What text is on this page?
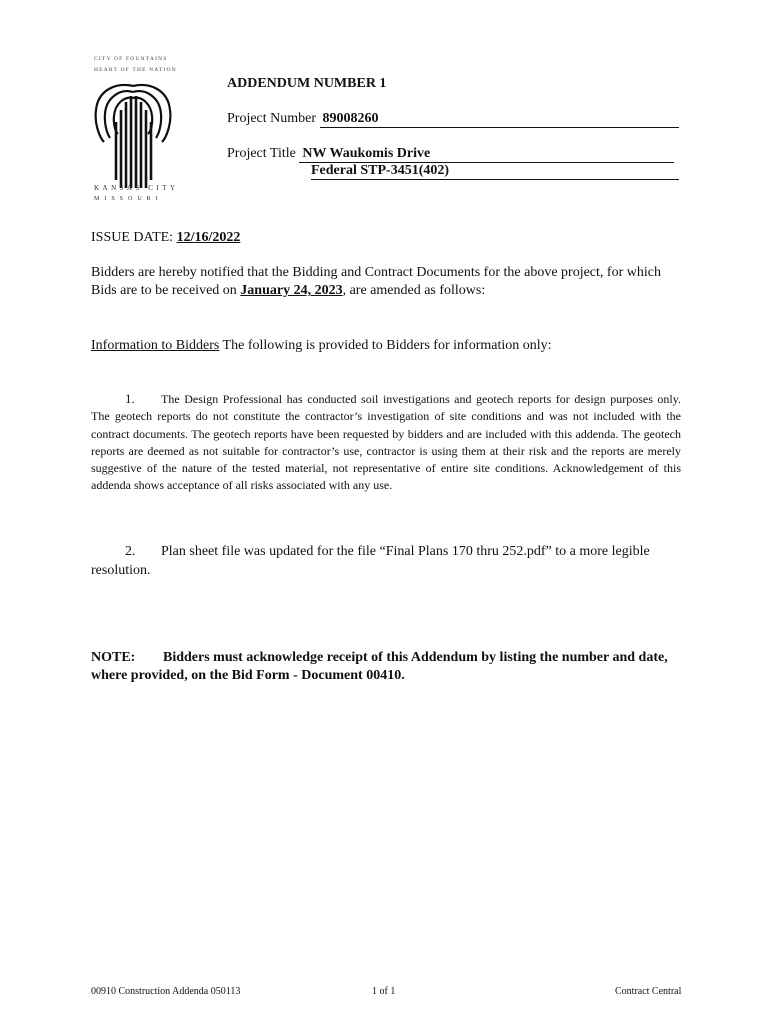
CITY OF FOUNTAINS
HEART OF THE NATION
KANSAS CITY
MISSOURI
ADDENDUM NUMBER 1
Project Number 89008260
Project Title NW Waukomis Drive
Federal STP-3451(402)
ISSUE DATE: 12/16/2022
Bidders are hereby notified that the Bidding and Contract Documents for the above project, for which Bids are to be received on January 24, 2023, are amended as follows:
Information to Bidders The following is provided to Bidders for information only:
1. The Design Professional has conducted soil investigations and geotech reports for design purposes only. The geotech reports do not constitute the contractor’s investigation of site conditions and was not included with the contract documents. The geotech reports have been requested by bidders and are included with this addenda. The geotech reports are deemed as not suitable for contractor’s use, contractor is using them at their risk and the reports are merely suggestive of the nature of the tested material, not representative of entire site conditions. Acknowledgement of this addenda shows acceptance of all risks associated with any use.
2. Plan sheet file was updated for the file “Final Plans 170 thru 252.pdf” to a more legible resolution.
NOTE: Bidders must acknowledge receipt of this Addendum by listing the number and date, where provided, on the Bid Form - Document 00410.
00910 Construction Addenda 050113	1 of 1	Contract Central
